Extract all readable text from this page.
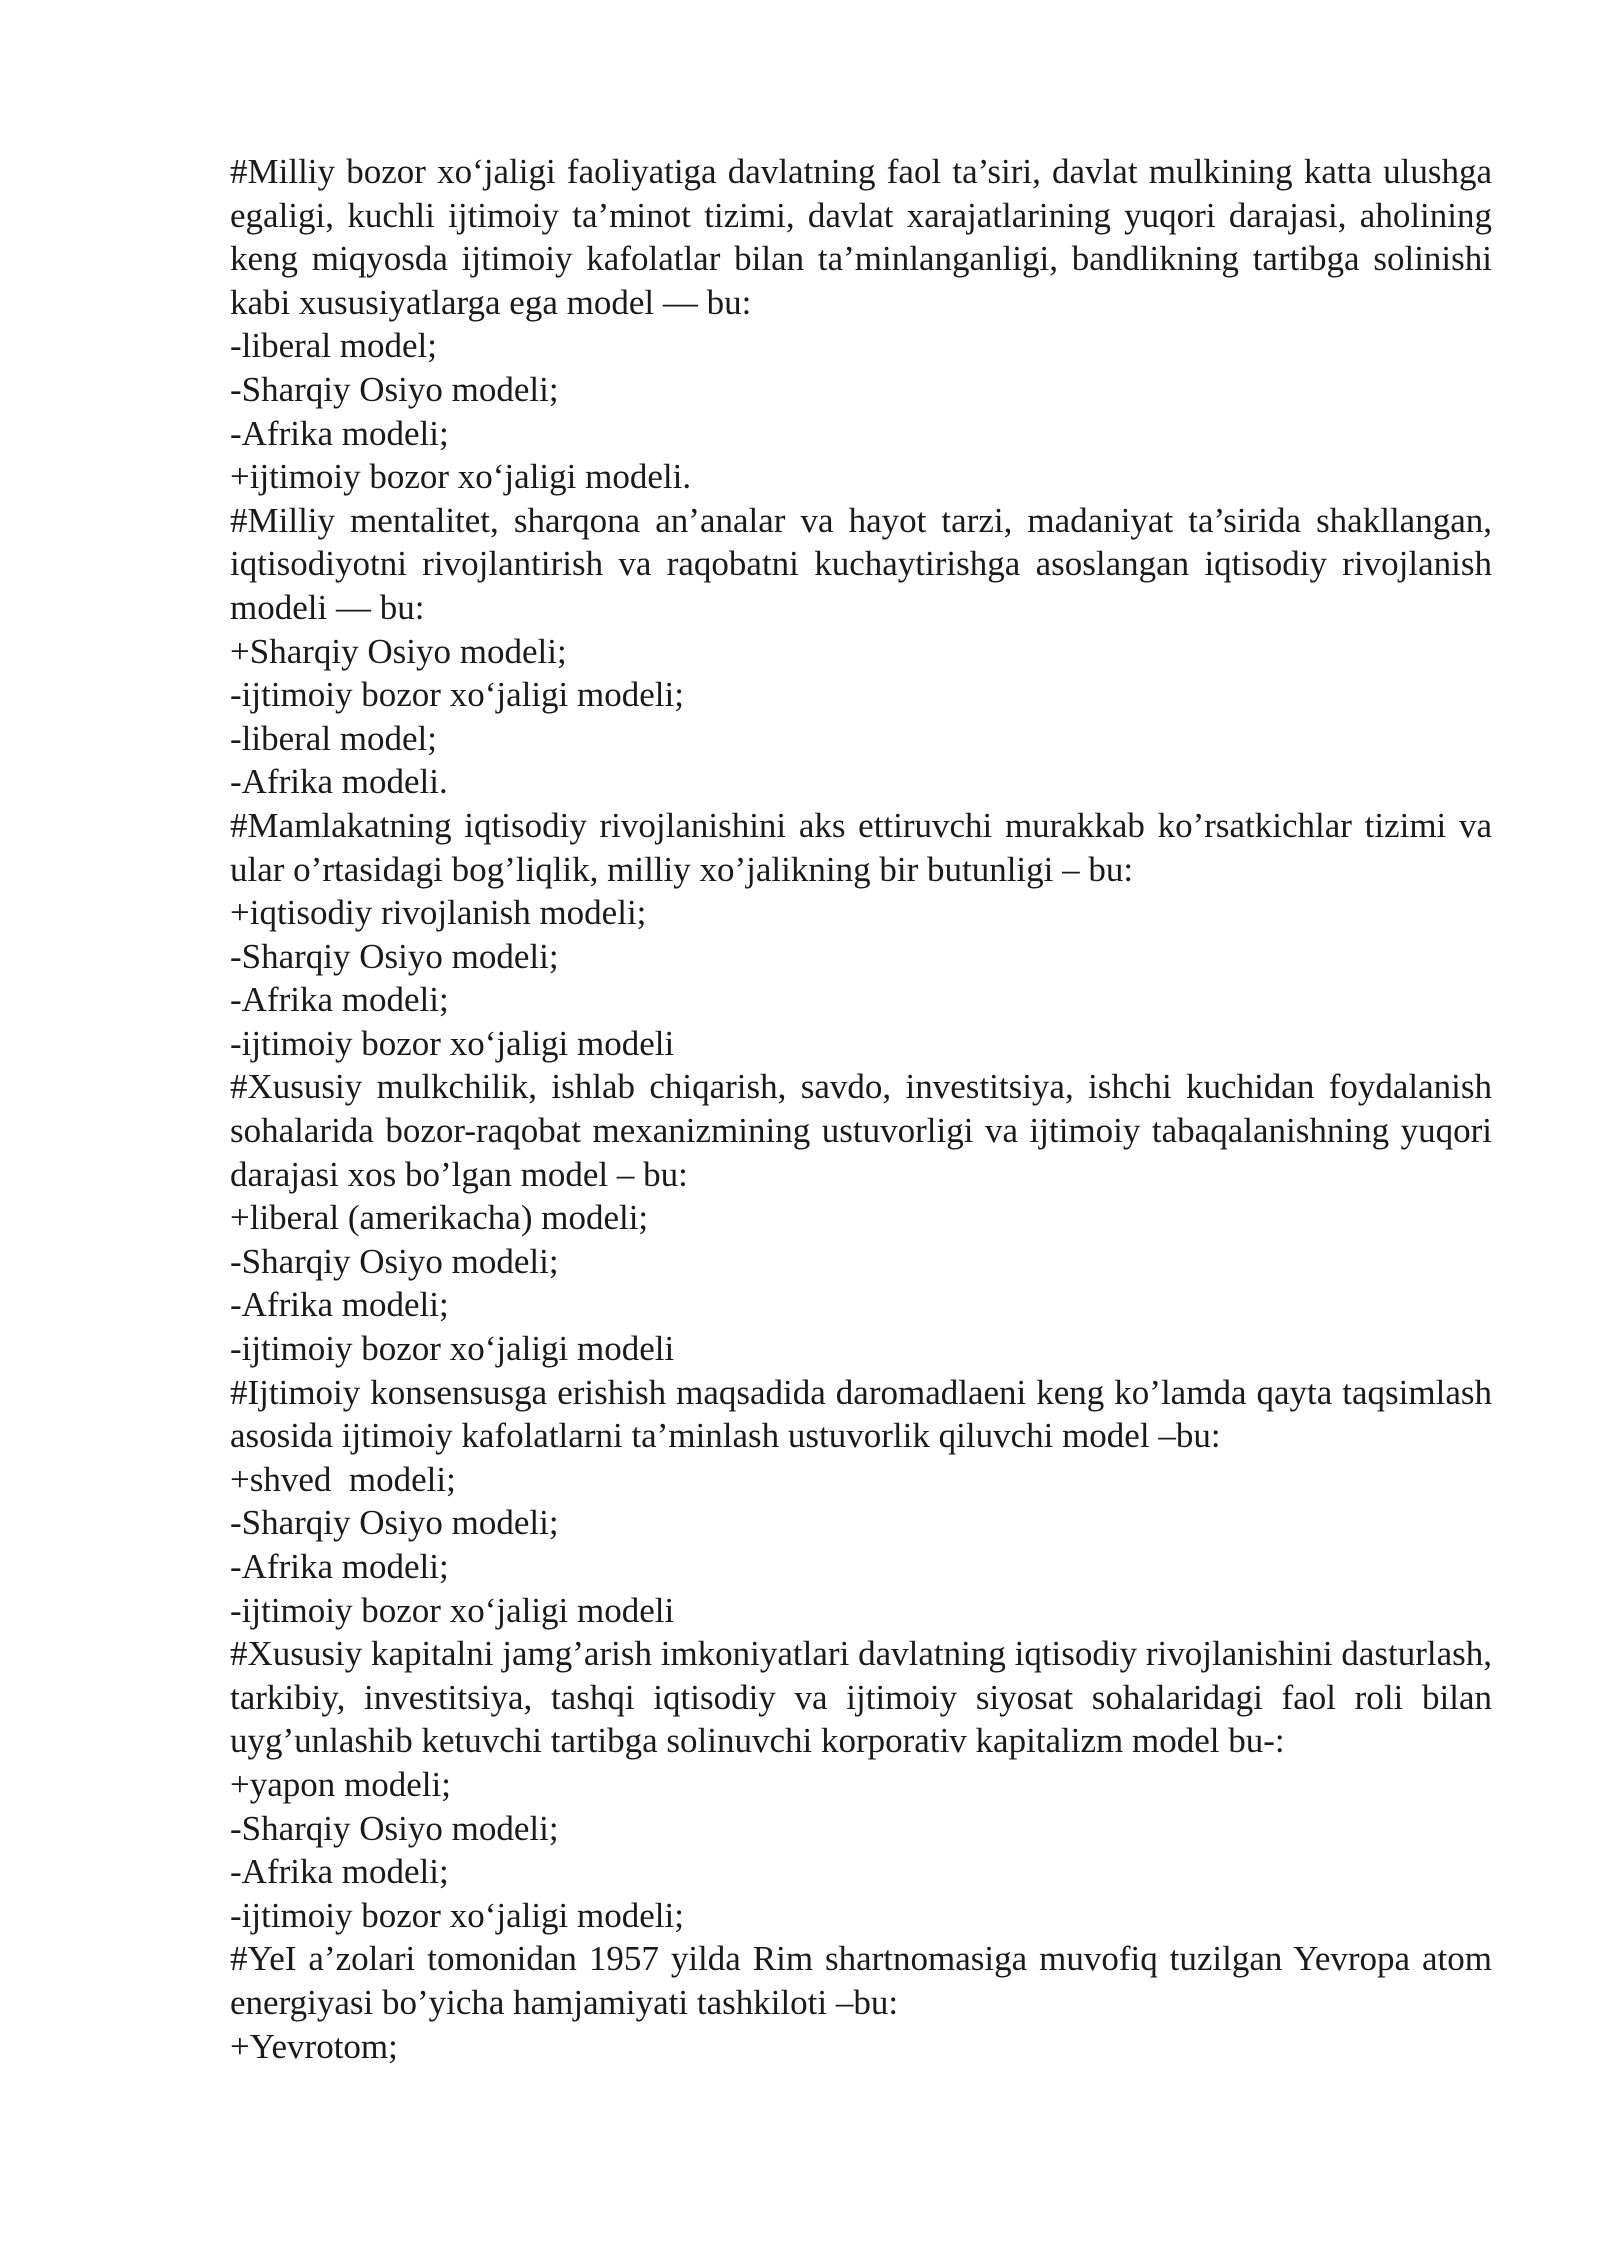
#Milliy bozor xo‘jaligi faoliyatiga davlatning faol ta’siri, davlat mulkining katta ulushga egaligi, kuchli ijtimoiy ta’minot tizimi, davlat xarajatlarining yuqori darajasi, aholining keng miqyosda ijtimoiy kafolatlar bilan ta’minlanganligi, bandlikning tartibga solinishi kabi xususiyatlarga ega model — bu:

-liberal model;

-Sharqiy Osiyo modeli;

-Afrika modeli;

+ijtimoiy bozor xo‘jaligi modeli.

#Milliy mentalitet, sharqona an’analar va hayot tarzi, madaniyat ta’sirida shakllangan, iqtisodiyotni rivojlantirish va raqobatni kuchaytirishga asoslangan iqtisodiy rivojlanish modeli — bu:

+Sharqiy Osiyo modeli;

-ijtimoiy bozor xo‘jaligi modeli;

-liberal model;

-Afrika modeli.

#Mamlakatning iqtisodiy rivojlanishini aks ettiruvchi murakkab ko’rsatkichlar tizimi va ular o’rtasidagi bog’liqlik, milliy xo’jalikning bir butunligi – bu:

+iqtisodiy rivojlanish modeli;

-Sharqiy Osiyo modeli;

-Afrika modeli;

-ijtimoiy bozor xo‘jaligi modeli

#Xususiy mulkchilik, ishlab chiqarish, savdo, investitsiya, ishchi kuchidan foydalanish sohalarida bozor-raqobat mexanizmining ustuvorligi va ijtimoiy tabaqalanishning yuqori darajasi xos bo’lgan model – bu:

+liberal (amerikacha) modeli;

-Sharqiy Osiyo modeli;

-Afrika modeli;

-ijtimoiy bozor xo‘jaligi modeli

#Ijtimoiy konsensusga erishish maqsadida daromadlaeni keng ko’lamda qayta taqsimlash asosida ijtimoiy kafolatlarni ta’minlash ustuvorlik qiluvchi model –bu:

+shved  modeli;

-Sharqiy Osiyo modeli;

-Afrika modeli;

-ijtimoiy bozor xo‘jaligi modeli

#Xususiy kapitalni jamg’arish imkoniyatlari davlatning iqtisodiy rivojlanishini dasturlash, tarkibiy, investitsiya, tashqi iqtisodiy va ijtimoiy siyosat sohalaridagi faol roli bilan uyg’unlashib ketuvchi tartibga solinuvchi korporativ kapitalizm model bu-:

+yapon modeli;

-Sharqiy Osiyo modeli;

-Afrika modeli;

-ijtimoiy bozor xo‘jaligi modeli;

#YeI a’zolari tomonidan 1957 yilda Rim shartnomasiga muvofiq tuzilgan Yevropa atom energiyasi bo’yicha hamjamiyati tashkiloti –bu:

+Yevrotom;
